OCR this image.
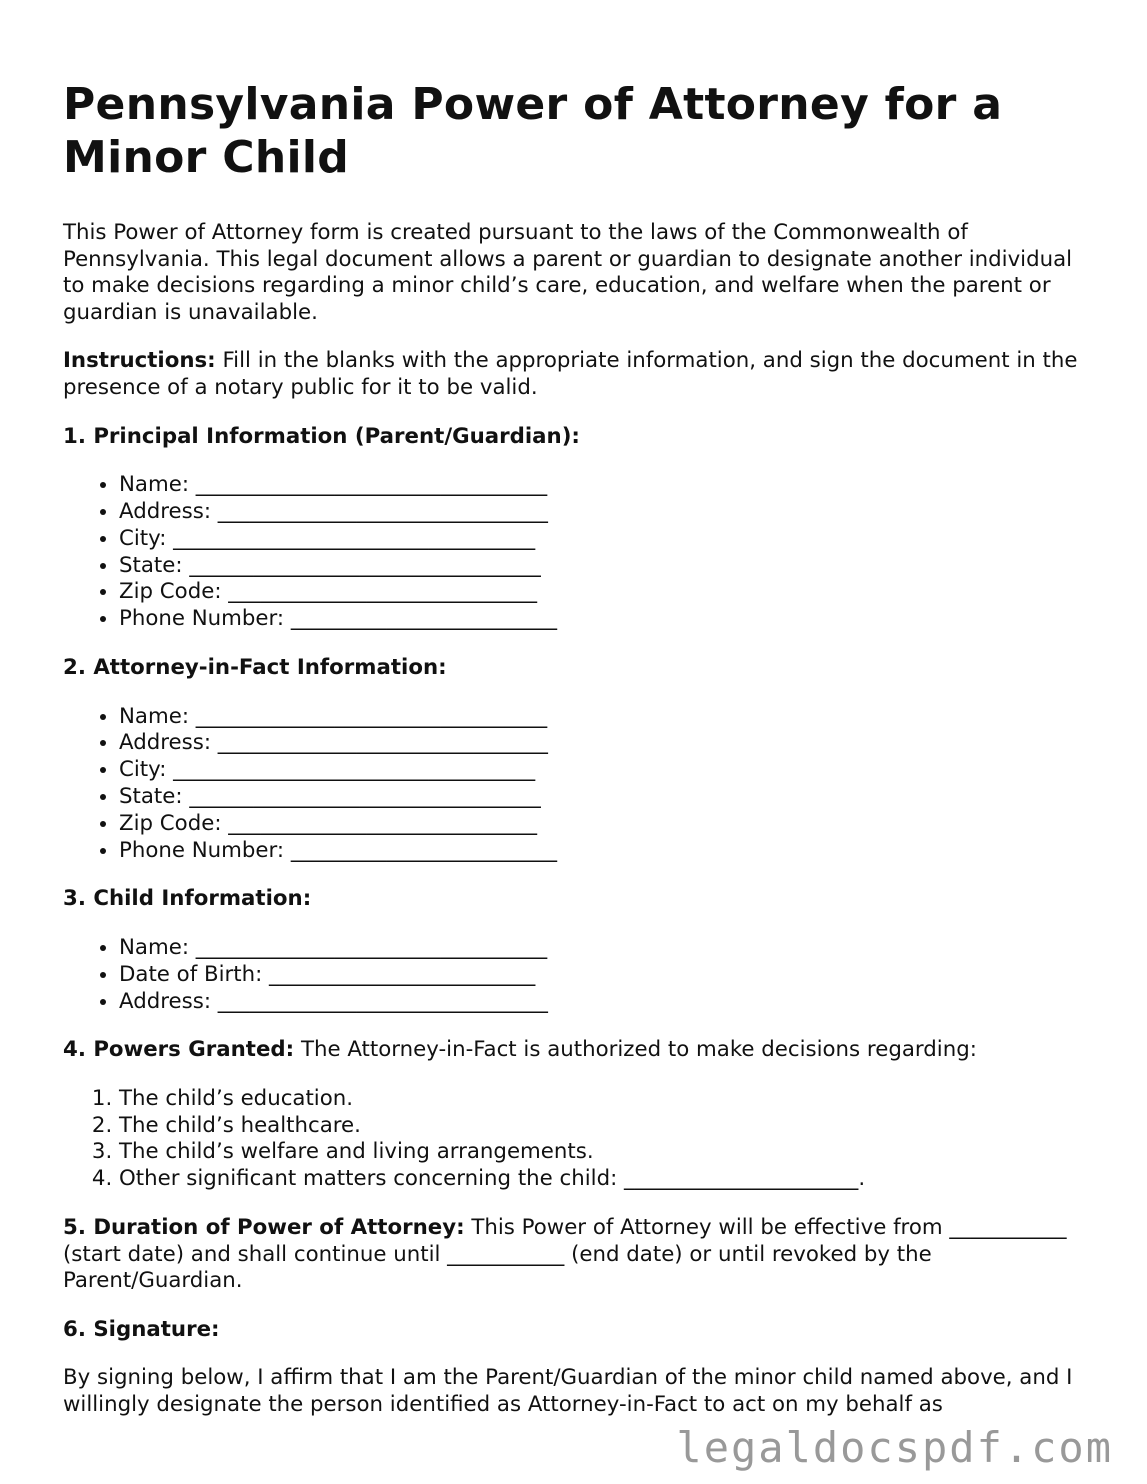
Pennsylvania Power of Attorney for a Minor Child

This Power of Attorney form is created pursuant to the laws of the Commonwealth of Pennsylvania. This legal document allows a parent or guardian to designate another individual to make decisions regarding a minor child’s care, education, and welfare when the parent or guardian is unavailable.

Instructions: Fill in the blanks with the appropriate information, and sign the document in the presence of a notary public for it to be valid.

1. Principal Information (Parent/Guardian):
• Name: _________________________________
• Address: _______________________________
• City: __________________________________
• State: _________________________________
• Zip Code: _____________________________
• Phone Number: _________________________
2. Attorney-in-Fact Information:
• Name: _________________________________
• Address: _______________________________
• City: __________________________________
• State: _________________________________
• Zip Code: _____________________________
• Phone Number: _________________________
3. Child Information:
• Name: _________________________________
• Date of Birth: _________________________
• Address: _______________________________

4. Powers Granted: The Attorney-in-Fact is authorized to make decisions regarding:

1. The child’s education.
2. The child’s healthcare.
3. The child’s welfare and living arrangements.
4. Other significant matters concerning the child: ______________________.

5. Duration of Power of Attorney: This Power of Attorney will be effective from ___________ (start date) and shall continue until ___________ (end date) or until revoked by the Parent/Guardian.

6. Signature:

By signing below, I affirm that I am the Parent/Guardian of the minor child named above, and I willingly designate the person identified as Attorney-in-Fact to act on my behalf as

legaldocspdf.com
